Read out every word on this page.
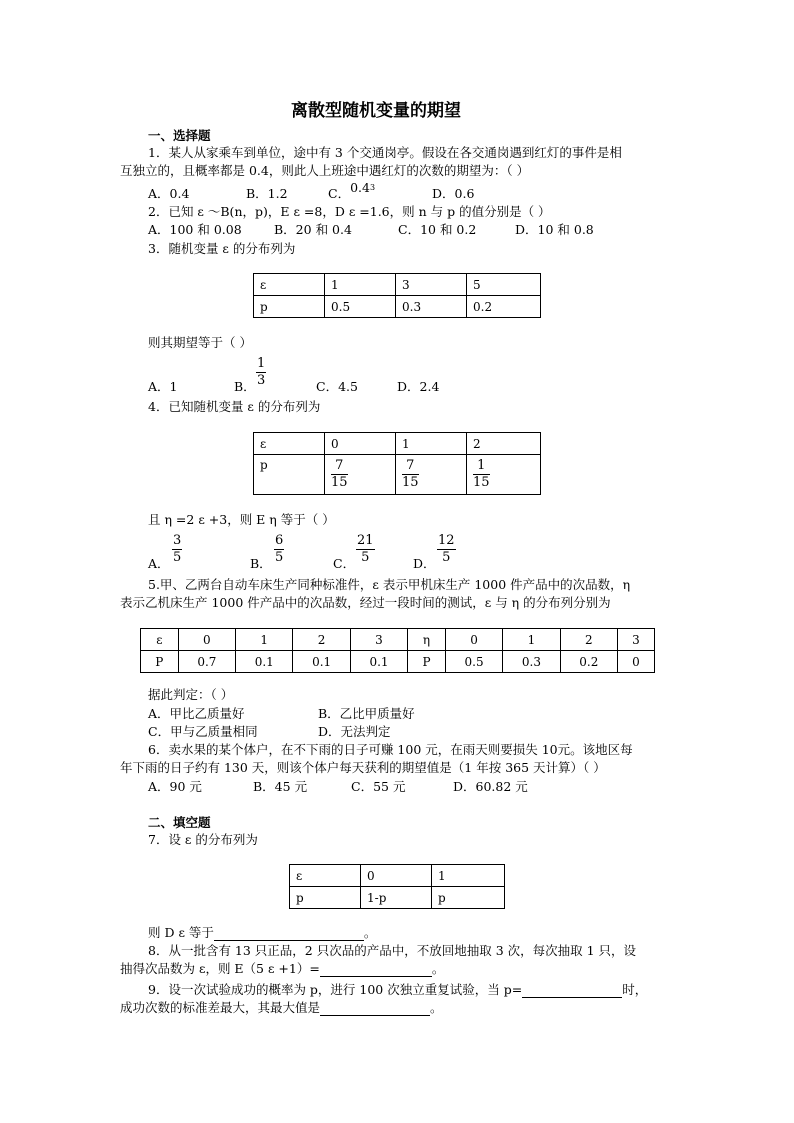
离散型随机变量的期望
一、选择题
1．某人从家乘车到单位，途中有 3 个交通岗亭。假设在各交通岗遇到红灯的事件是相
互独立的，且概率都是 0.4，则此人上班途中遇红灯的次数的期望为：（ ）
A．0.4	B．1.2	C．$0.4^3$	D．0.6
2．已知 ε ～B(n，p)，E ε =8，D ε =1.6，则 n 与 p 的值分别是（ ）
A．100 和 0.08	B．20 和 0.4	C．10 和 0.2	D．10 和 0.8
3．随机变量 ε 的分布列为
ε	1	3	5
p	0.5	0.3	0.2
则其期望等于（ ）
A．1	B． $\frac{1}{3}$	C．4.5	D．2.4
4．已知随机变量 ε 的分布列为
ε	0	1	2
p	$\frac{7}{15}$	$\frac{7}{15}$	$\frac{1}{15}$
且 η =2 ε +3，则 E η 等于（ ）
A． $\frac{3}{5}$	B． $\frac{6}{5}$	C． $\frac{21}{5}$	D． $\frac{12}{5}$
5.甲、乙两台自动车床生产同种标准件，ε 表示甲机床生产 1000 件产品中的次品数，η
表示乙机床生产 1000 件产品中的次品数，经过一段时间的测试，ε 与 η 的分布列分别为
ε	0	1	2	3	η	0	1	2	3
P	0.7	0.1	0.1	0.1	P	0.5	0.3	0.2	0
据此判定：（ ）
A．甲比乙质量好	B．乙比甲质量好
C．甲与乙质量相同	D．无法判定
6．卖水果的某个体户，在不下雨的日子可赚 100 元，在雨天则要损失 10元。该地区每
年下雨的日子约有 130 天，则该个体户每天获利的期望值是（1 年按 365 天计算）（ ）
A．90 元	B．45 元	C．55 元	D．60.82 元
二、填空题
7．设 ε 的分布列为
ε	0	1
p	1-p	p
则 D ε 等于	。
8．从一批含有 13 只正品，2 只次品的产品中，不放回地抽取 3 次，每次抽取 1 只，设
抽得次品数为 ε，则 E（5 ε +1）=	。
9．设一次试验成功的概率为 p，进行 100 次独立重复试验，当 p=	时，
成功次数的标准差最大，其最大值是	。
